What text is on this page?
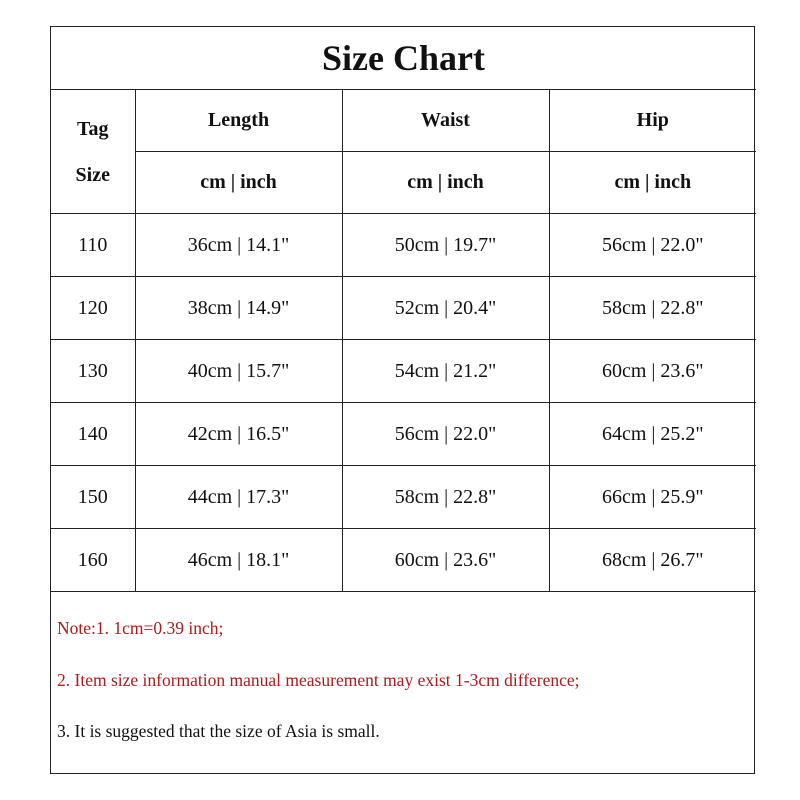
Size Chart			

Tag
Size	Length	Waist	Hip
	cm | inch	cm | inch	cm | inch
110	36cm | 14.1"	50cm | 19.7"	56cm | 22.0"
120	38cm | 14.9"	52cm | 20.4"	58cm | 22.8"
130	40cm | 15.7"	54cm | 21.2"	60cm | 23.6"
140	42cm | 16.5"	56cm | 22.0"	64cm | 25.2"
150	44cm | 17.3"	58cm | 22.8"	66cm | 25.9"
160	46cm | 18.1"	60cm | 23.6"	68cm | 26.7"
Note:1. 1cm=0.39 inch;
2. Item size information manual measurement may exist 1-3cm difference;
3. It is suggested that the size of Asia is small.
